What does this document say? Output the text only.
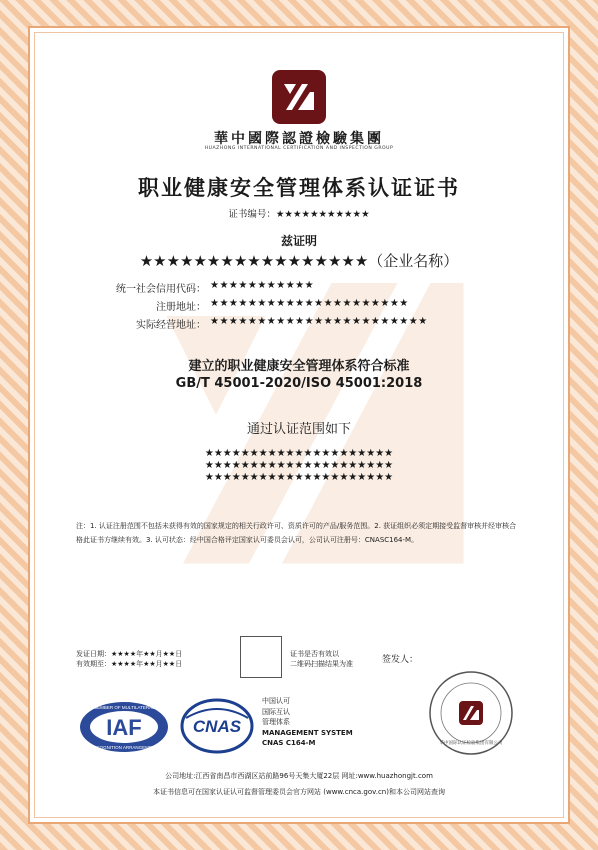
華中國際認證檢驗集團
HUAZHONG INTERNATIONAL CERTIFICATION AND INSPECTION GROUP
职业健康安全管理体系认证证书
证书编号：★★★★★★★★★★★
兹证明
★★★★★★★★★★★★★★★★★（企业名称）
统一社会信用代码： ★★★★★★★★★★★
注册地址： ★★★★★★★★★★★★★★★★★★★★★
实际经营地址： ★★★★★★★★★★★★★★★★★★★★★★★
建立的职业健康安全管理体系符合标准
GB/T 45001-2020/ISO 45001:2018
通过认证范围如下
★★★★★★★★★★★★★★★★★★★★★
★★★★★★★★★★★★★★★★★★★★★
★★★★★★★★★★★★★★★★★★★★★
注：1. 认证注册范围不包括未获得有效的国家规定的相关行政许可、资质许可的产品/服务范围。2. 获证组织必须定期接受监督审核并经审核合格此证书方继续有效。3. 认可状态：经中国合格评定国家认可委员会认可，公司认可注册号：CNASC164-M。
发证日期：★★★★年★★月★★日
有效期至：★★★★年★★月★★日
证书是否有效以
二维码扫描结果为准	签发人：
IAF
MEMBER OF MULTILATERAL
RECOGNITION ARRANGEMENT
CNAS
中国认可
国际互认
管理体系
MANAGEMENT SYSTEM
CNAS C164-M	华中国际认证检验集团有限公司
公司地址:江西省南昌市西湖区站前路96号天集大厦22层 网址:www.huazhongjt.com
本证书信息可在国家认证认可监督管理委员会官方网站 (www.cnca.gov.cn)和本公司网站查询
